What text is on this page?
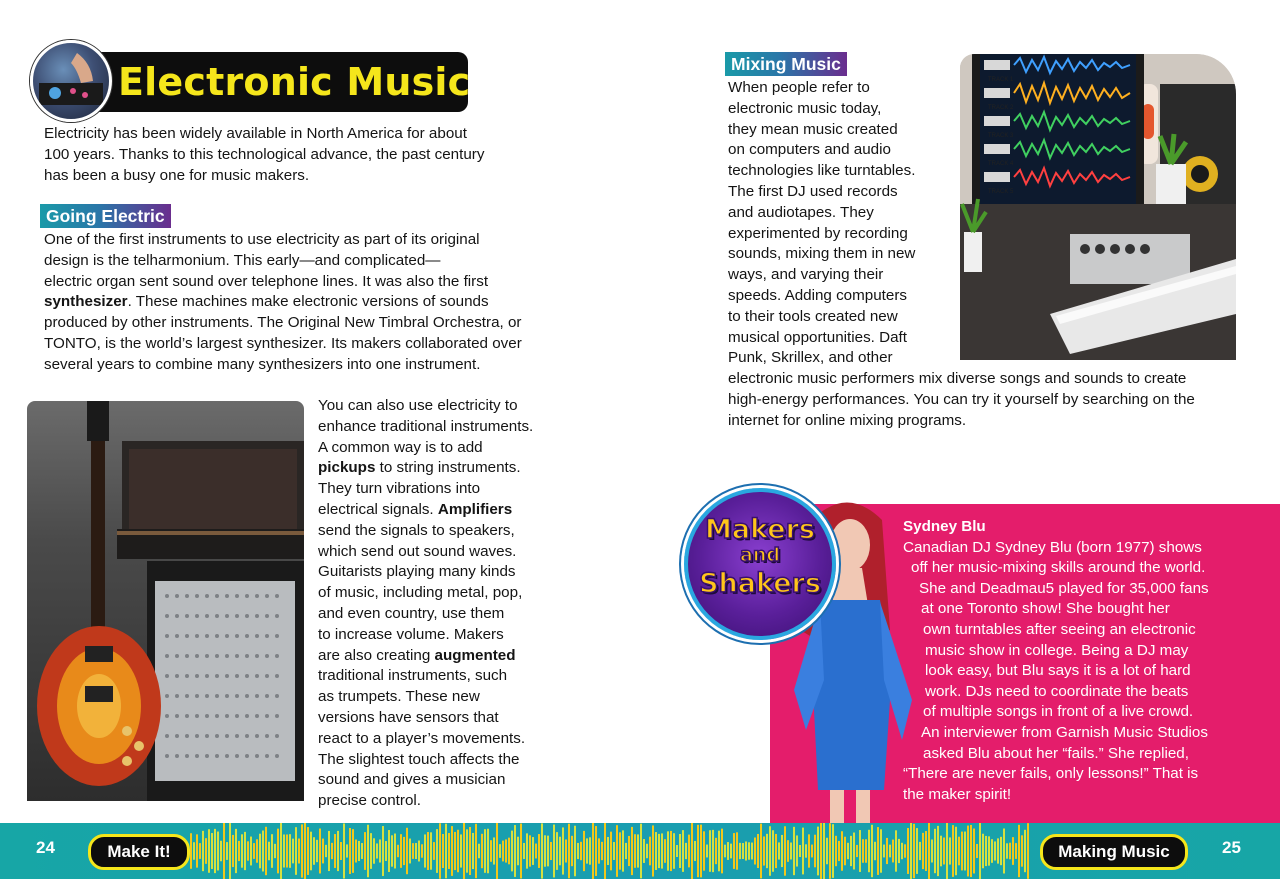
Electronic Music

Electricity has been widely available in North America for about

100 years. Thanks to this technological advance, the past century

has been a busy one for music makers.

Going Electric

One of the first instruments to use electricity as part of its original

design is the telharmonium. This early—and complicated—

electric organ sent sound over telephone lines. It was also the first

synthesizer. These machines make electronic versions of sounds

produced by other instruments. The Original New Timbral Orchestra, or

TONTO, is the world’s largest synthesizer. Its makers collaborated over

several years to combine many synthesizers into one instrument.

You can also use electricity to

enhance traditional instruments.

A common way is to add

pickups to string instruments.

They turn vibrations into

electrical signals. Amplifiers

send the signals to speakers,

which send out sound waves.

Guitarists playing many kinds

of music, including metal, pop,

and even country, use them

to increase volume. Makers

are also creating augmented

traditional instruments, such

as trumpets. These new

versions have sensors that

react to a player’s movements.

The slightest touch affects the

sound and gives a musician

precise control.

Mixing Music
TRACK 1
TRACK 2
TRACK 3
TRACK 4
TRACK 5

When people refer to

electronic music today,

they mean music created

on computers and audio

technologies like turntables.

The first DJ used records

and audiotapes. They

experimented by recording

sounds, mixing them in new

ways, and varying their

speeds. Adding computers

to their tools created new

musical opportunities. Daft

Punk, Skrillex, and other

electronic music performers mix diverse songs and sounds to create

high-energy performances. You can try it yourself by searching on the

internet for online mixing programs.

Makers
and
Shakers

Sydney Blu

Canadian DJ Sydney Blu (born 1977) shows

off her music-mixing skills around the world.

She and Deadmau5 played for 35,000 fans

at one Toronto show! She bought her

own turntables after seeing an electronic

music show in college. Being a DJ may

look easy, but Blu says it is a lot of hard

work. DJs need to coordinate the beats

of multiple songs in front of a live crowd.

An interviewer from Garnish Music Studios

asked Blu about her “fails.” She replied,

“There are never fails, only lessons!” That is

the maker spirit!

24	Make It!	Making Music	25
